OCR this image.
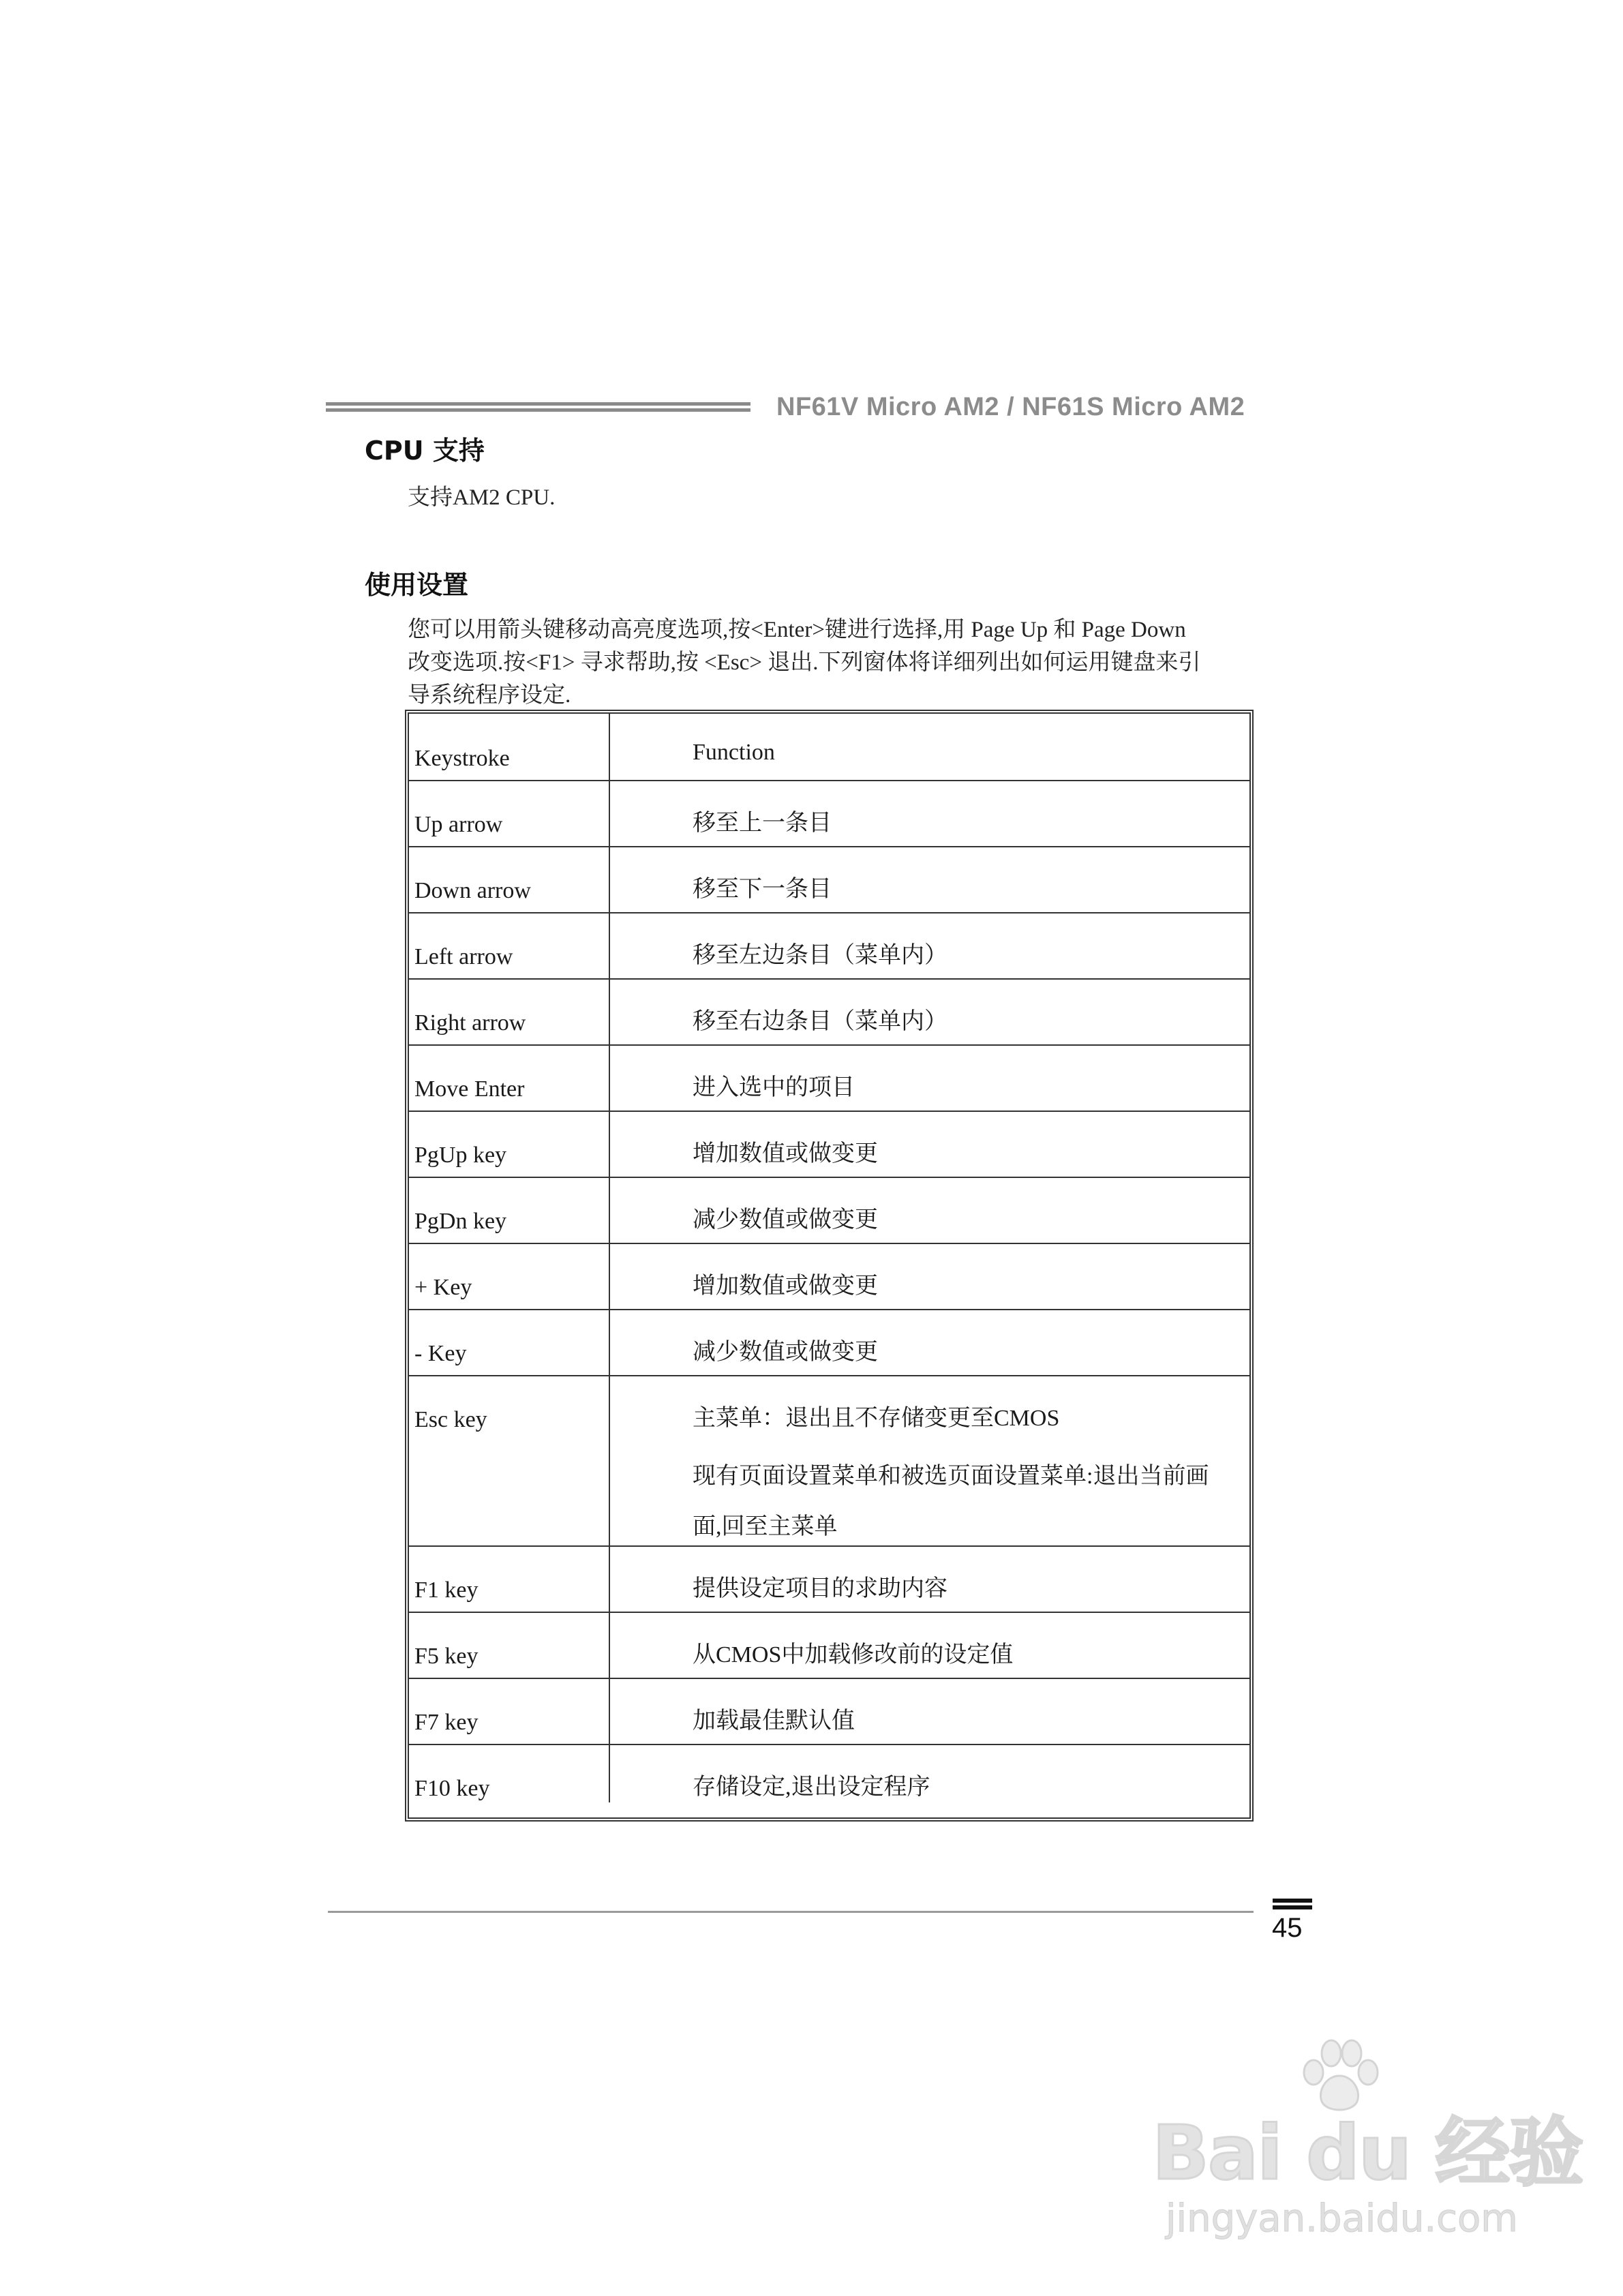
NF61V Micro AM2 / NF61S Micro AM2
CPU 支持
支持AM2 CPU.
使用设置
您可以用箭头键移动高亮度选项,按<Enter>键进行选择,用 Page Up 和 Page Down
改变选项.按<F1> 寻求帮助,按 <Esc> 退出.下列窗体将详细列出如何运用键盘来引
导系统程序设定.
Keystroke	Function
Up arrow	移至上一条目
Down arrow	移至下一条目
Left arrow	移至左边条目（菜单内）
Right arrow	移至右边条目（菜单内）
Move Enter	进入选中的项目
PgUp key	增加数值或做变更
PgDn key	减少数值或做变更
+ Key	增加数值或做变更
- Key	减少数值或做变更
Esc key	主菜单：退出且不存储变更至CMOS
现有页面设置菜单和被选页面设置菜单:退出当前画
面,回至主菜单
F1 key	提供设定项目的求助内容
F5 key	从CMOS中加载修改前的设定值
F7 key	加载最佳默认值
F10 key	存储设定,退出设定程序
45
Bai du 经验
jingyan.baidu.com
